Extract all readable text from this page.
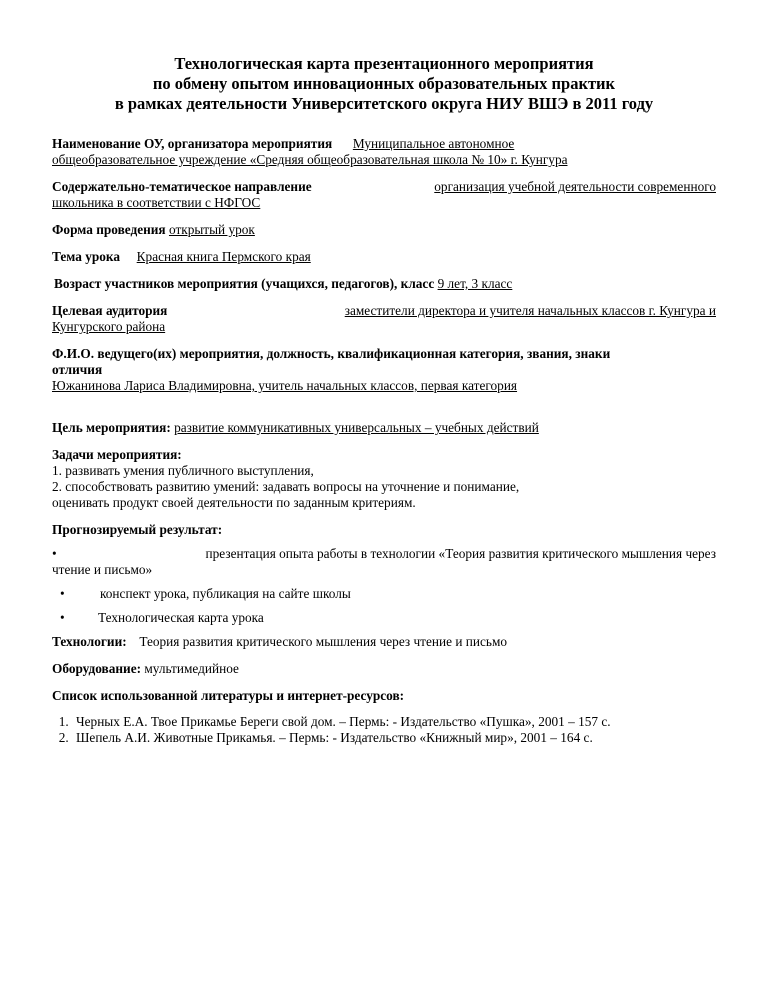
Технологическая карта презентационного мероприятия

по обмену опытом инновационных образовательных практик

в рамках деятельности Университетского округа НИУ ВШЭ в 2011 году

Наименование ОУ, организатора мероприятия Муниципальное автономное

общеобразовательное учреждение «Средняя общеобразовательная школа № 10» г. Кунгура

Содержательно-тематическое направление	организация учебной деятельности современного

школьника в соответствии с НФГОС

Форма проведения открытый урок

Тема урока Красная книга Пермского края

Возраст участников мероприятия (учащихся, педагогов), класс 9 лет, 3 класс

Целевая аудитория	заместители директора и учителя начальных классов г. Кунгура и

Кунгурского района

Ф.И.О. ведущего(их) мероприятия, должность, квалификационная категория, звания, знаки

отличия

Южанинова Лариса Владимировна, учитель начальных классов, первая категория

Цель мероприятия: развитие коммуникативных универсальных – учебных действий

Задачи мероприятия:

1. развивать умения публичного выступления,

2. способствовать развитию умений: задавать вопросы на уточнение и понимание,

оценивать продукт своей деятельности по заданным критериям.

Прогнозируемый результат:

•	презентация опыта работы в технологии «Теория развития критического мышления через

чтение и письмо»

•	конспект урока, публикация на сайте школы
•	Технологическая карта урока

Технологии: Теория развития критического мышления через чтение и письмо

Оборудование: мультимедийное

Список использованной литературы и интернет-ресурсов:

1. Черных Е.А. Твое Прикамье Береги свой дом. – Пермь: - Издательство «Пушка», 2001 – 157 с.
2. Шепель А.И. Животные Прикамья. – Пермь: - Издательство «Книжный мир», 2001 – 164 с.
